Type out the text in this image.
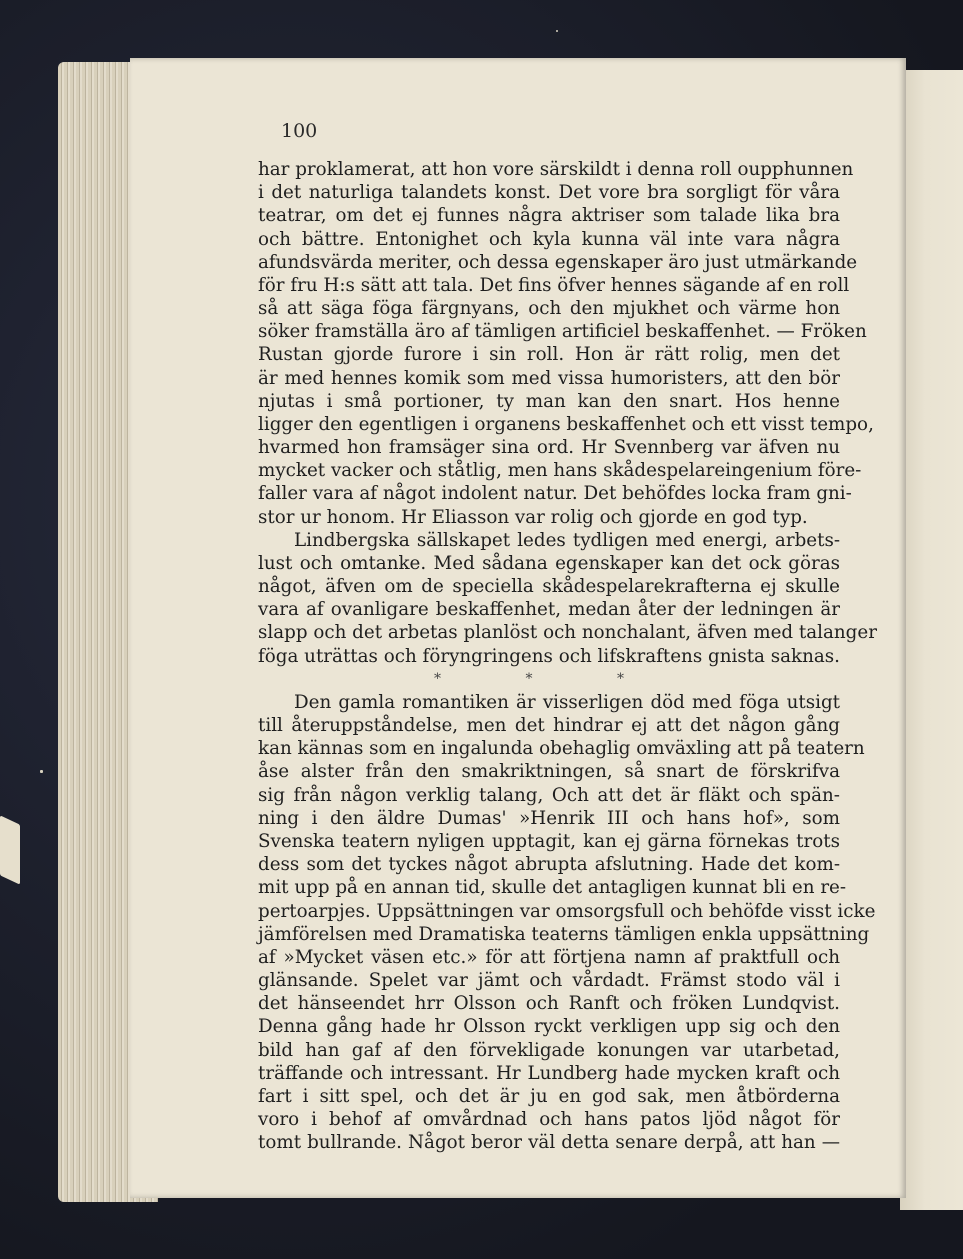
100
har proklamerat, att hon vore särskildt i denna roll oupphunnen
i det naturliga talandets konst. Det vore bra sorgligt för våra
teatrar, om det ej funnes några aktriser som talade lika bra
och bättre. Entonighet och kyla kunna väl inte vara några
afundsvärda meriter, och dessa egenskaper äro just utmärkande
för fru H:s sätt att tala. Det fins öfver hennes sägande af en roll
så att säga föga färgnyans, och den mjukhet och värme hon
söker framställa äro af tämligen artificiel beskaffenhet. — Fröken
Rustan gjorde furore i sin roll. Hon är rätt rolig, men det
är med hennes komik som med vissa humoristers, att den bör
njutas i små portioner, ty man kan den snart. Hos henne
ligger den egentligen i organens beskaffenhet och ett visst tempo,
hvarmed hon framsäger sina ord. Hr Svennberg var äfven nu
mycket vacker och ståtlig, men hans skådespelareingenium före-
faller vara af något indolent natur. Det behöfdes locka fram gni-
stor ur honom. Hr Eliasson var rolig och gjorde en god typ.
Lindbergska sällskapet ledes tydligen med energi, arbets-
lust och omtanke. Med sådana egenskaper kan det ock göras
något, äfven om de speciella skådespelarekrafterna ej skulle
vara af ovanligare beskaffenhet, medan åter der ledningen är
slapp och det arbetas planlöst och nonchalant, äfven med talanger
föga uträttas och föryngringens och lifskraftens gnista saknas.
* * *
Den gamla romantiken är visserligen död med föga utsigt
till återuppståndelse, men det hindrar ej att det någon gång
kan kännas som en ingalunda obehaglig omväxling att på teatern
åse alster från den smakriktningen, så snart de förskrifva
sig från någon verklig talang, Och att det är fläkt och spän-
ning i den äldre Dumas' »Henrik III och hans hof», som
Svenska teatern nyligen upptagit, kan ej gärna förnekas trots
dess som det tyckes något abrupta afslutning. Hade det kom-
mit upp på en annan tid, skulle det antagligen kunnat bli en re-
pertoarpjes. Uppsättningen var omsorgsfull och behöfde visst icke
jämförelsen med Dramatiska teaterns tämligen enkla uppsättning
af »Mycket väsen etc.» för att förtjena namn af praktfull och
glänsande. Spelet var jämt och vårdadt. Främst stodo väl i
det hänseendet hrr Olsson och Ranft och fröken Lundqvist.
Denna gång hade hr Olsson ryckt verkligen upp sig och den
bild han gaf af den förvekligade konungen var utarbetad,
träffande och intressant. Hr Lundberg hade mycken kraft och
fart i sitt spel, och det är ju en god sak, men åtbörderna
voro i behof af omvårdnad och hans patos ljöd något för
tomt bullrande. Något beror väl detta senare derpå, att han —
